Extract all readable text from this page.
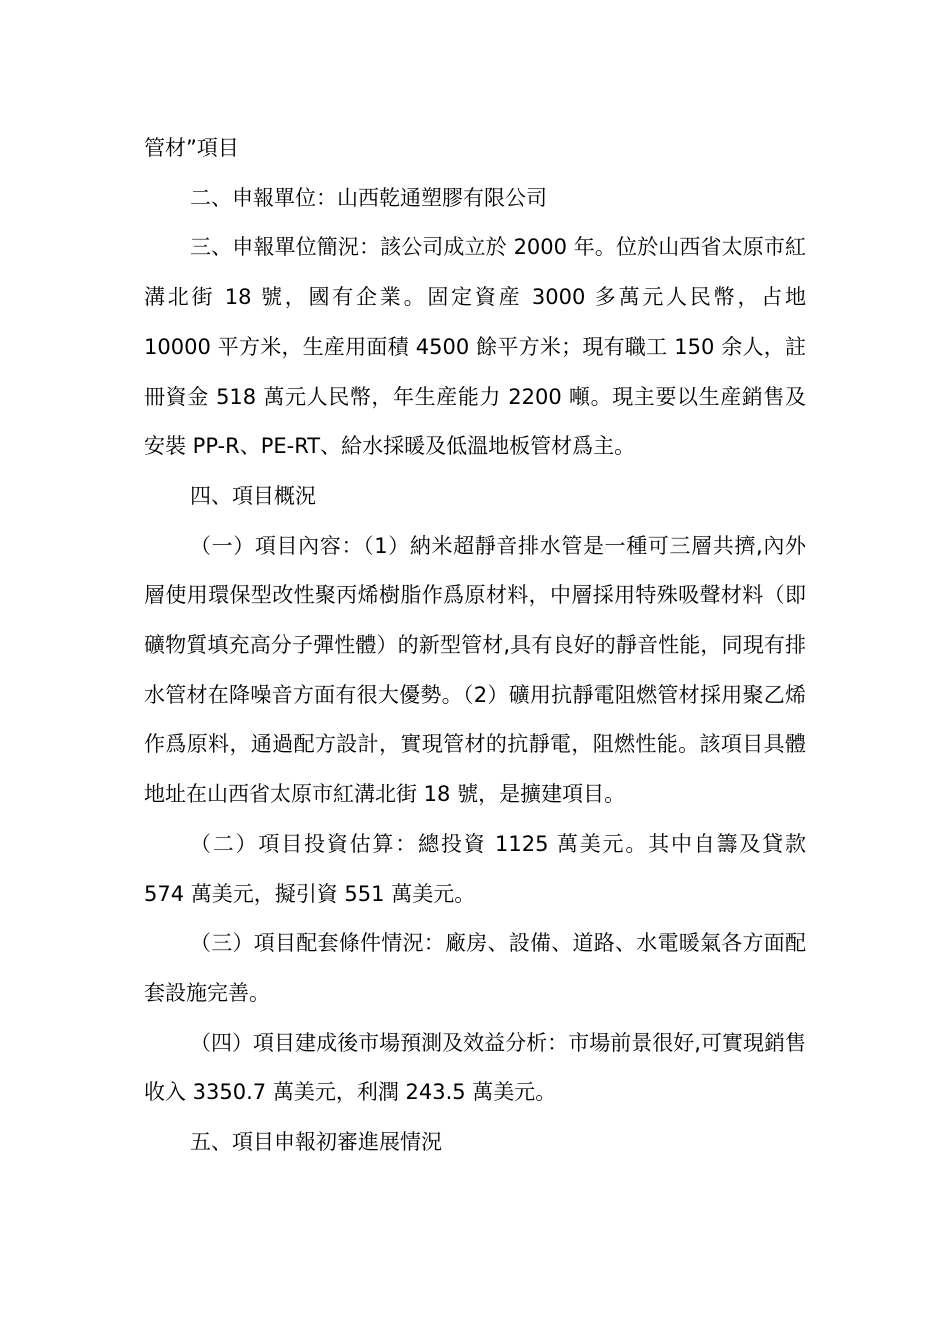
管材”項目

二、申報單位：山西乾通塑膠有限公司

三、申報單位簡況：該公司成立於 2000 年。位於山西省太原市紅溝北街 18 號，國有企業。固定資産 3000 多萬元人民幣，占地 10000 平方米，生産用面積 4500 餘平方米；現有職工 150 余人，註冊資金 518 萬元人民幣，年生産能力 2200 噸。現主要以生産銷售及安裝 PP-R、PE-RT、給水採暖及低溫地板管材爲主。

四、項目概況

（一）項目內容：（1）納米超靜音排水管是一種可三層共擠,內外層使用環保型改性聚丙烯樹脂作爲原材料，中層採用特殊吸聲材料（即礦物質填充高分子彈性體）的新型管材,具有良好的靜音性能，同現有排水管材在降噪音方面有很大優勢。（2）礦用抗靜電阻燃管材採用聚乙烯作爲原料，通過配方設計，實現管材的抗靜電，阻燃性能。該項目具體地址在山西省太原市紅溝北街 18 號，是擴建項目。

（二）項目投資估算：總投資 1125 萬美元。其中自籌及貸款 574 萬美元，擬引資 551 萬美元。

（三）項目配套條件情況：廠房、設備、道路、水電暖氣各方面配套設施完善。

（四）項目建成後市場預測及效益分析：市場前景很好,可實現銷售收入 3350.7 萬美元，利潤 243.5 萬美元。

五、項目申報初審進展情況
